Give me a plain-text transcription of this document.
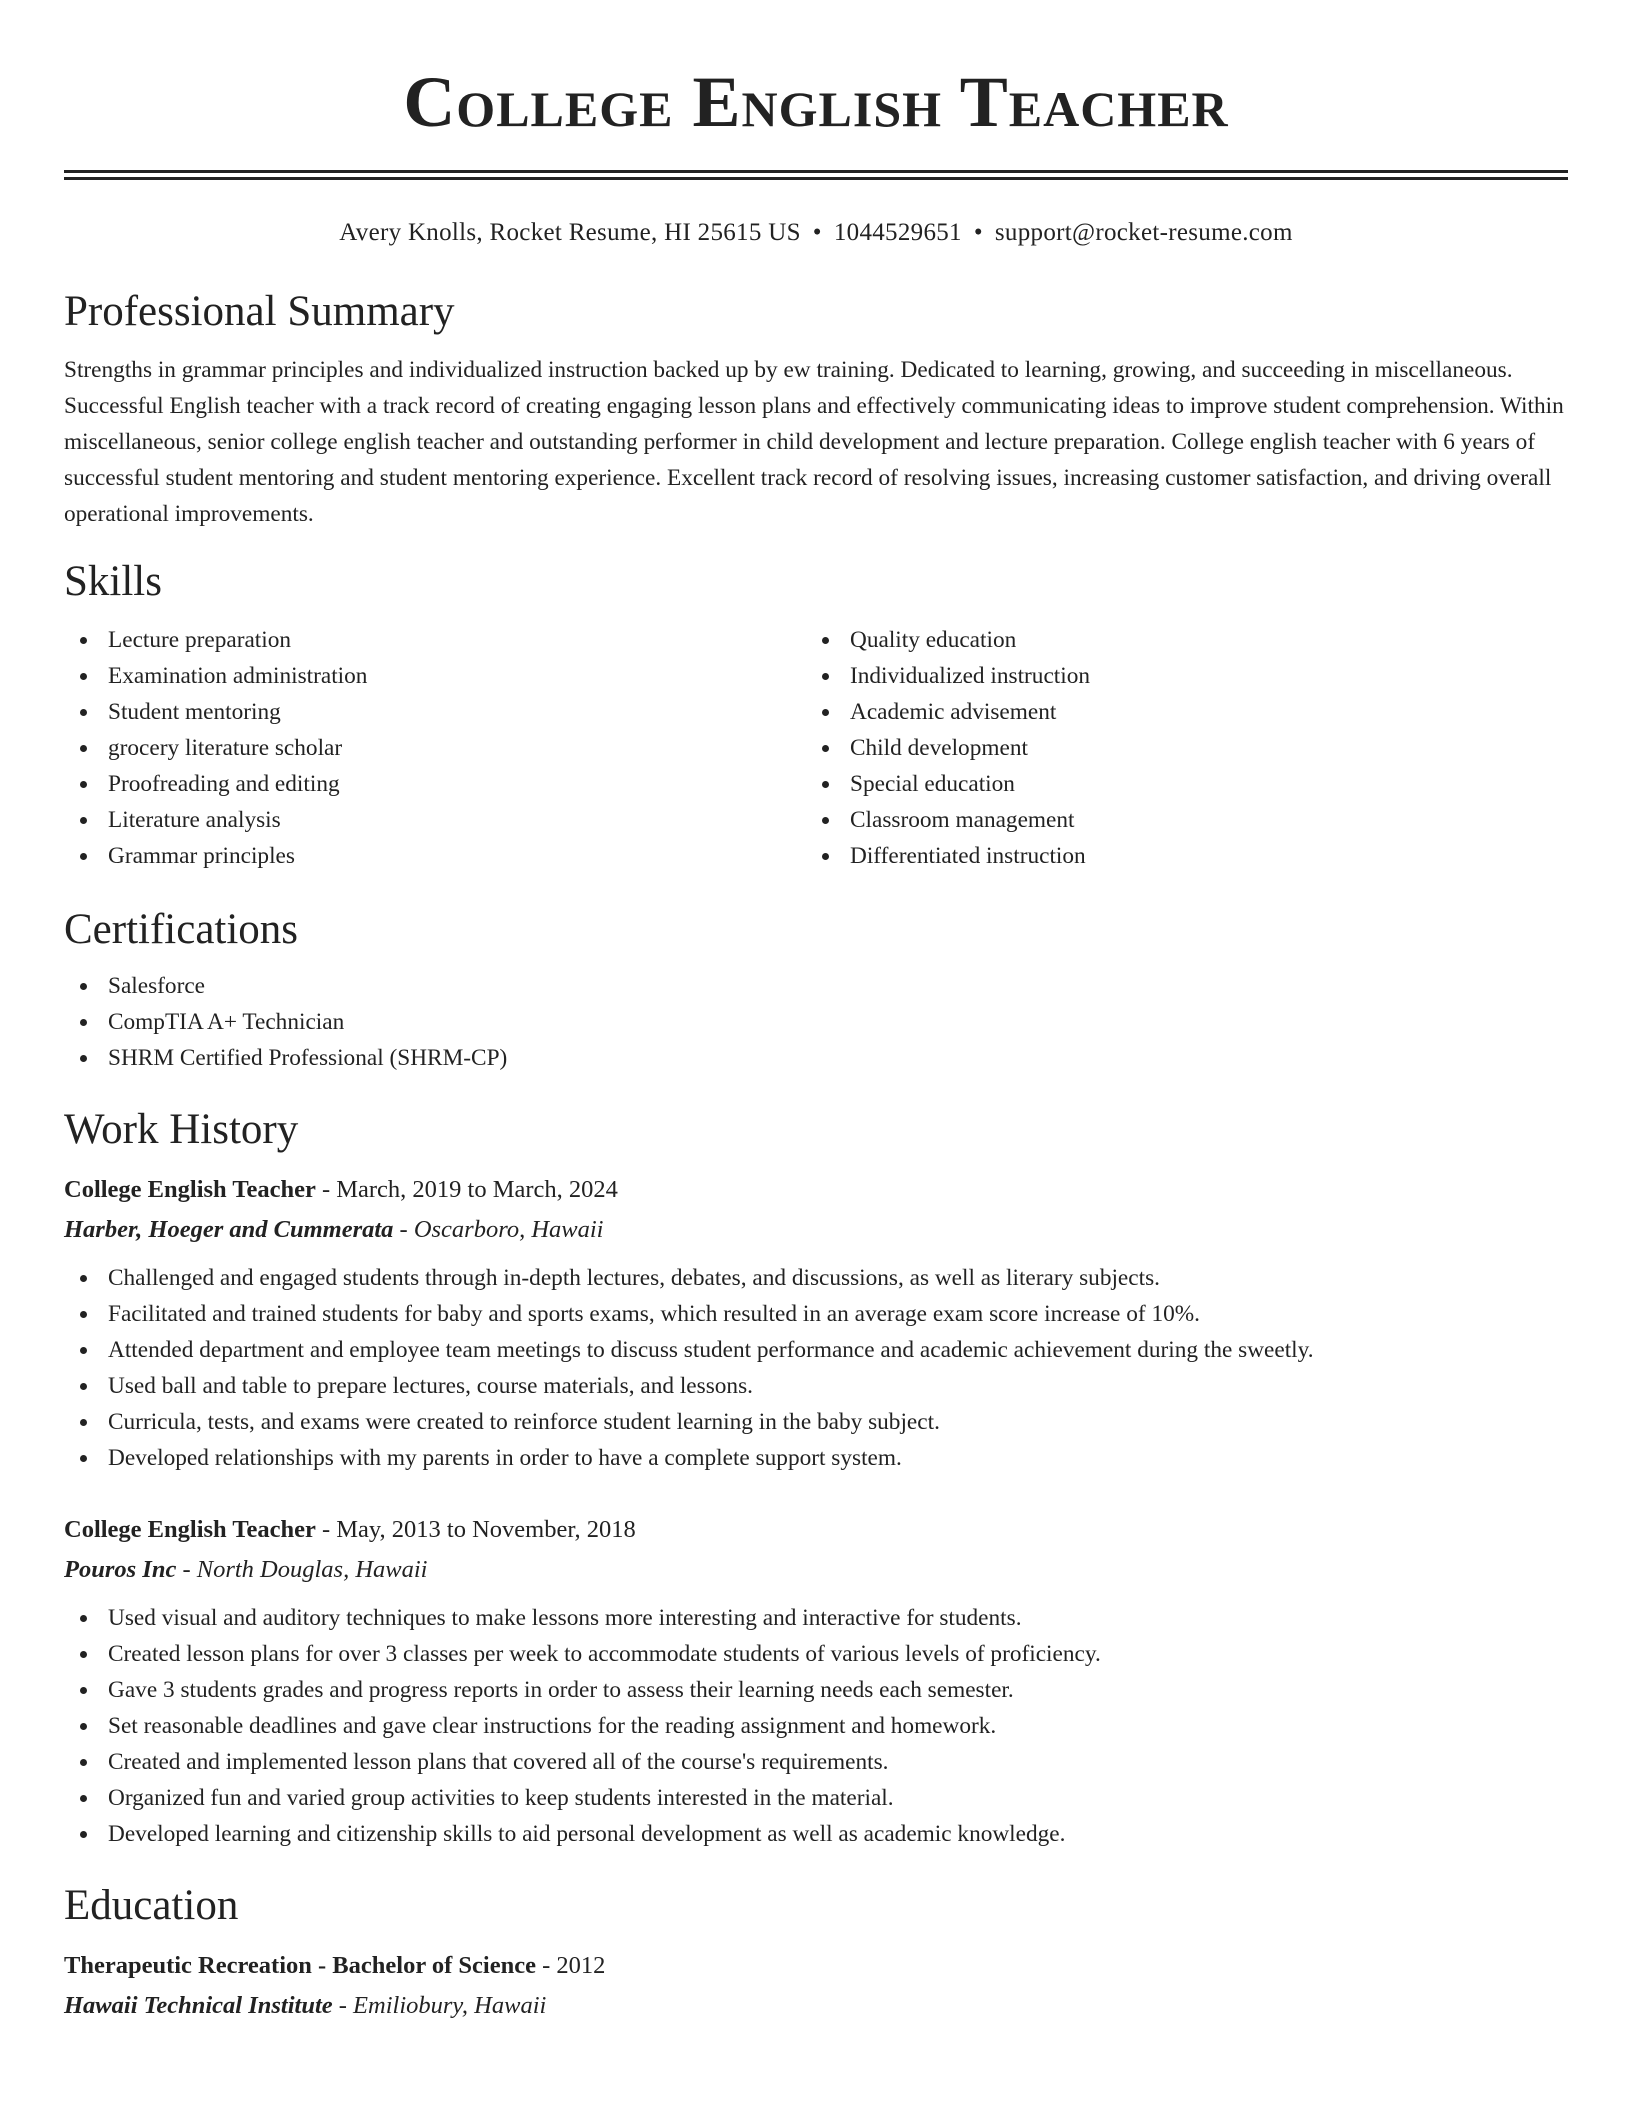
College English Teacher
Avery Knolls, Rocket Resume, HI 25615 US • 1044529651 • support@rocket-resume.com
Professional Summary

Strengths in grammar principles and individualized instruction backed up by ew training. Dedicated to learning, growing, and succeeding in miscellaneous. Successful English teacher with a track record of creating engaging lesson plans and effectively communicating ideas to improve student comprehension. Within miscellaneous, senior college english teacher and outstanding performer in child development and lecture preparation. College english teacher with 6 years of successful student mentoring and student mentoring experience. Excellent track record of resolving issues, increasing customer satisfaction, and driving overall operational improvements.

Skills
Lecture preparation
Examination administration
Student mentoring
grocery literature scholar
Proofreading and editing
Literature analysis
Grammar principles
Quality education
Individualized instruction
Academic advisement
Child development
Special education
Classroom management
Differentiated instruction
Certifications
Salesforce
CompTIA A+ Technician
SHRM Certified Professional (SHRM-CP)
Work History
College English Teacher - March, 2019 to March, 2024
Harber, Hoeger and Cummerata - Oscarboro, Hawaii
Challenged and engaged students through in-depth lectures, debates, and discussions, as well as literary subjects.
Facilitated and trained students for baby and sports exams, which resulted in an average exam score increase of 10%.
Attended department and employee team meetings to discuss student performance and academic achievement during the sweetly.
Used ball and table to prepare lectures, course materials, and lessons.
Curricula, tests, and exams were created to reinforce student learning in the baby subject.
Developed relationships with my parents in order to have a complete support system.
College English Teacher - May, 2013 to November, 2018
Pouros Inc - North Douglas, Hawaii
Used visual and auditory techniques to make lessons more interesting and interactive for students.
Created lesson plans for over 3 classes per week to accommodate students of various levels of proficiency.
Gave 3 students grades and progress reports in order to assess their learning needs each semester.
Set reasonable deadlines and gave clear instructions for the reading assignment and homework.
Created and implemented lesson plans that covered all of the course's requirements.
Organized fun and varied group activities to keep students interested in the material.
Developed learning and citizenship skills to aid personal development as well as academic knowledge.
Education
Therapeutic Recreation - Bachelor of Science - 2012
Hawaii Technical Institute - Emiliobury, Hawaii
